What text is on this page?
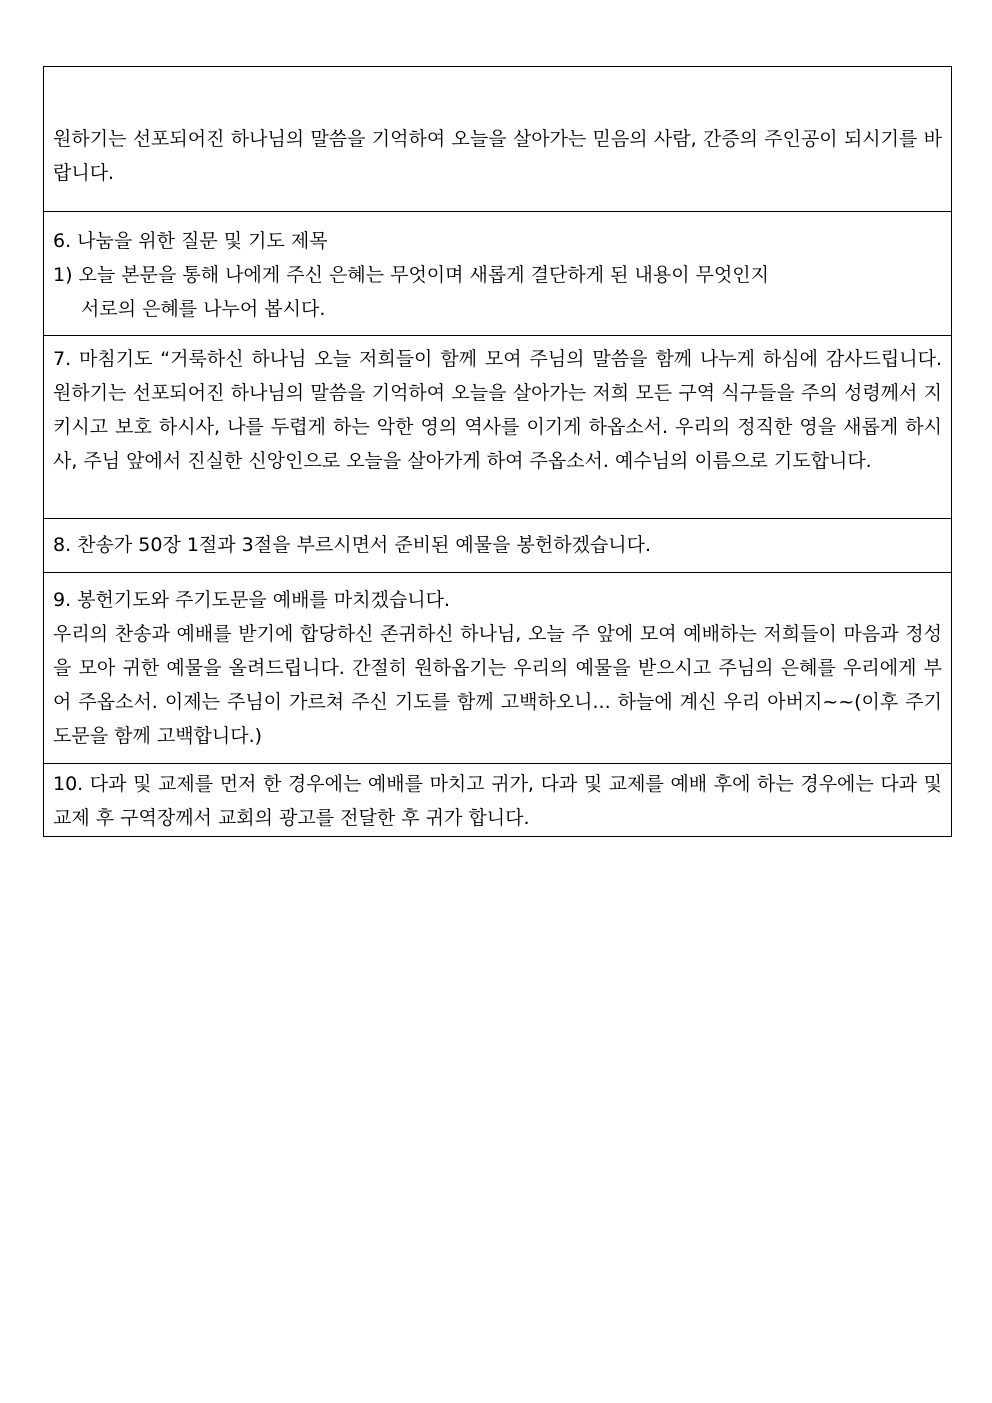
원하기는 선포되어진 하나님의 말씀을 기억하여 오늘을 살아가는 믿음의 사람, 간증의 주인공이 되시기를 바랍니다.
6. 나눔을 위한 질문 및 기도 제목
1) 오늘 본문을 통해 나에게 주신 은혜는 무엇이며 새롭게 결단하게 된 내용이 무엇인지
서로의 은혜를 나누어 봅시다.
7. 마침기도 “거룩하신 하나님 오늘 저희들이 함께 모여 주님의 말씀을 함께 나누게 하심에 감사드립니다. 원하기는 선포되어진 하나님의 말씀을 기억하여 오늘을 살아가는 저희 모든 구역 식구들을 주의 성령께서 지키시고 보호 하시사, 나를 두렵게 하는 악한 영의 역사를 이기게 하옵소서. 우리의 정직한 영을 새롭게 하시사, 주님 앞에서 진실한 신앙인으로 오늘을 살아가게 하여 주옵소서. 예수님의 이름으로 기도합니다.
8. 찬송가 50장 1절과 3절을 부르시면서 준비된 예물을 봉헌하겠습니다.
9. 봉헌기도와 주기도문을 예배를 마치겠습니다.
우리의 찬송과 예배를 받기에 합당하신 존귀하신 하나님, 오늘 주 앞에 모여 예배하는 저희들이 마음과 정성을 모아 귀한 예물을 올려드립니다. 간절히 원하옵기는 우리의 예물을 받으시고 주님의 은혜를 우리에게 부어 주옵소서. 이제는 주님이 가르쳐 주신 기도를 함께 고백하오니... 하늘에 계신 우리 아버지~~(이후 주기도문을 함께 고백합니다.)
10. 다과 및 교제를 먼저 한 경우에는 예배를 마치고 귀가, 다과 및 교제를 예배 후에 하는 경우에는 다과 및 교제 후 구역장께서 교회의 광고를 전달한 후 귀가 합니다.
